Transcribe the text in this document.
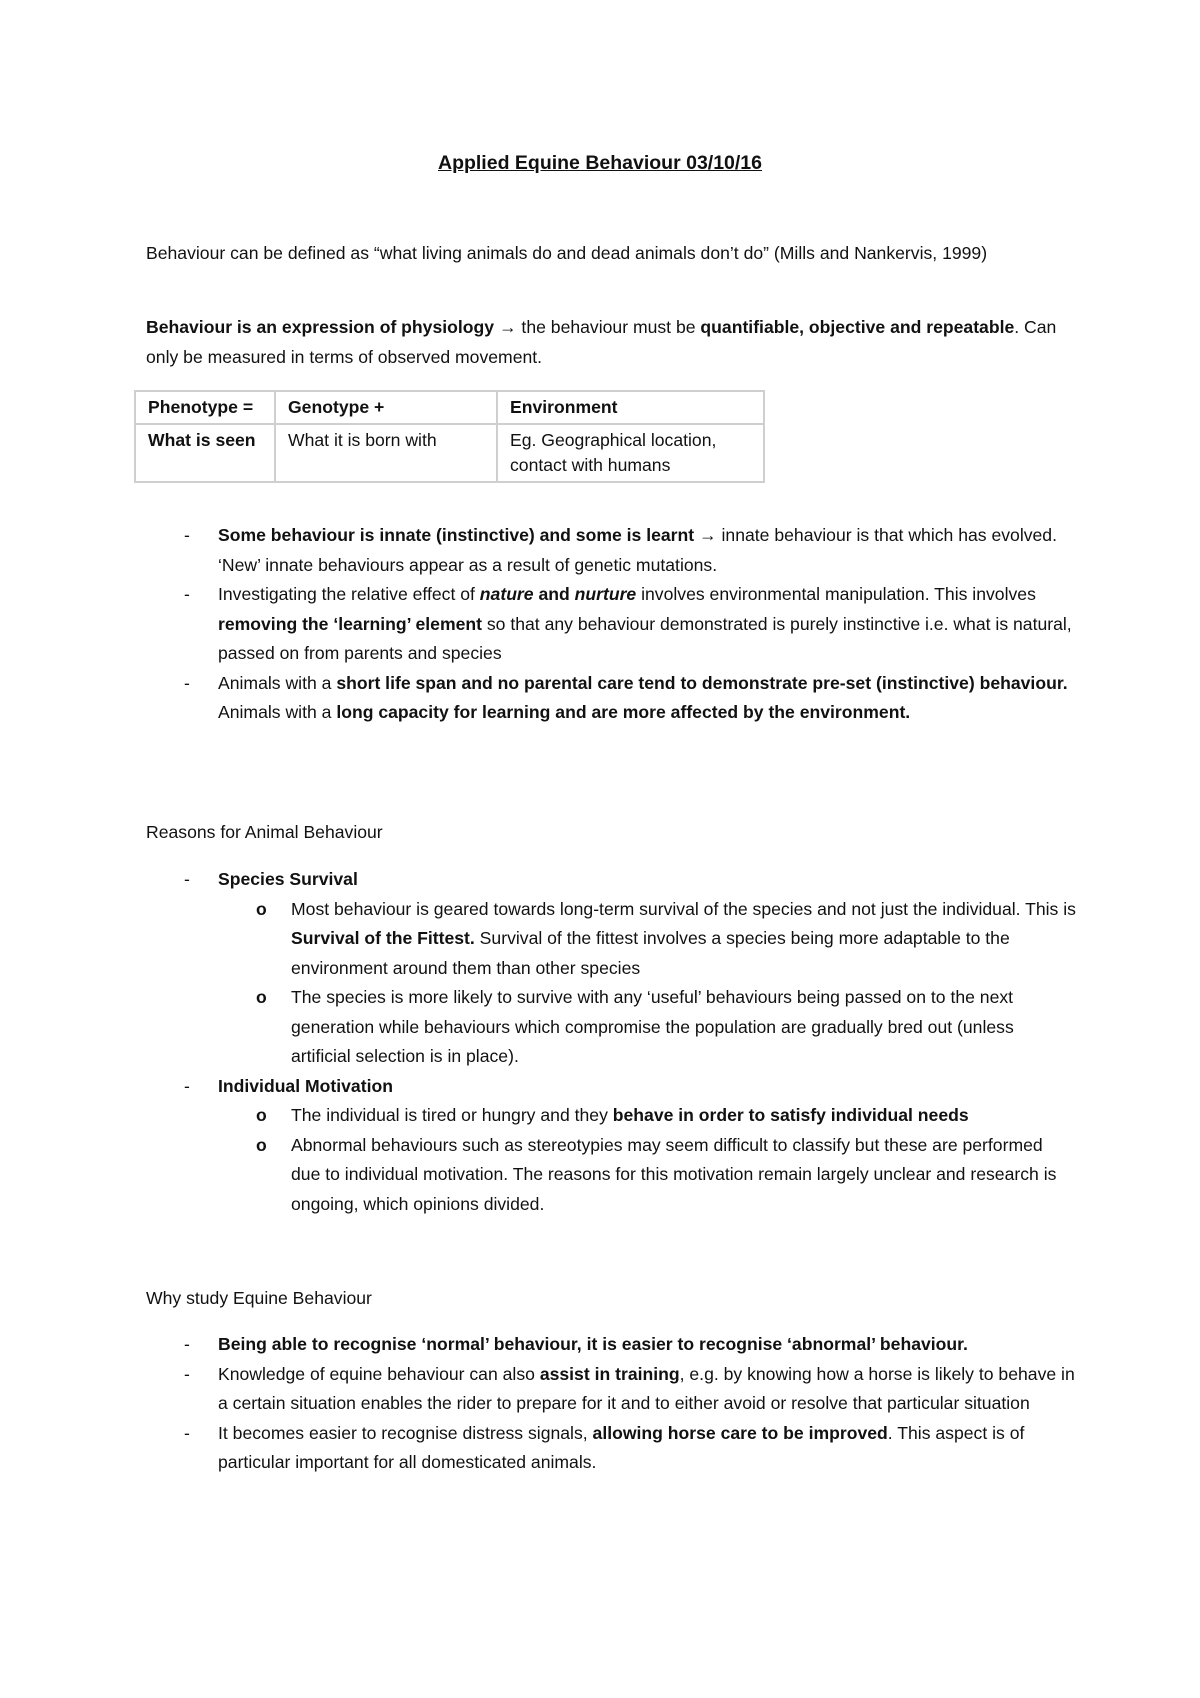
Applied Equine Behaviour 03/10/16

Behaviour can be defined as “what living animals do and dead animals don’t do” (Mills and Nankervis, 1999)

Behaviour is an expression of physiology → the behaviour must be quantifiable, objective and repeatable. Can only be measured in terms of observed movement.

Phenotype =	Genotype +	Environment
What is seen	What it is born with	Eg. Geographical location, contact with humans
- Some behaviour is innate (instinctive) and some is learnt → innate behaviour is that which has evolved. ‘New’ innate behaviours appear as a result of genetic mutations.
- Investigating the relative effect of nature and nurture involves environmental manipulation. This involves removing the ‘learning’ element so that any behaviour demonstrated is purely instinctive i.e. what is natural, passed on from parents and species
- Animals with a short life span and no parental care tend to demonstrate pre-set (instinctive) behaviour. Animals with a long capacity for learning and are more affected by the environment.

Reasons for Animal Behaviour

- Species Survival
o Most behaviour is geared towards long-term survival of the species and not just the individual. This is Survival of the Fittest. Survival of the fittest involves a species being more adaptable to the environment around them than other species
o The species is more likely to survive with any ‘useful’ behaviours being passed on to the next generation while behaviours which compromise the population are gradually bred out (unless artificial selection is in place).
- Individual Motivation
o The individual is tired or hungry and they behave in order to satisfy individual needs
o Abnormal behaviours such as stereotypies may seem difficult to classify but these are performed due to individual motivation. The reasons for this motivation remain largely unclear and research is ongoing, which opinions divided.

Why study Equine Behaviour

- Being able to recognise ‘normal’ behaviour, it is easier to recognise ‘abnormal’ behaviour.
- Knowledge of equine behaviour can also assist in training, e.g. by knowing how a horse is likely to behave in a certain situation enables the rider to prepare for it and to either avoid or resolve that particular situation
- It becomes easier to recognise distress signals, allowing horse care to be improved. This aspect is of particular important for all domesticated animals.
